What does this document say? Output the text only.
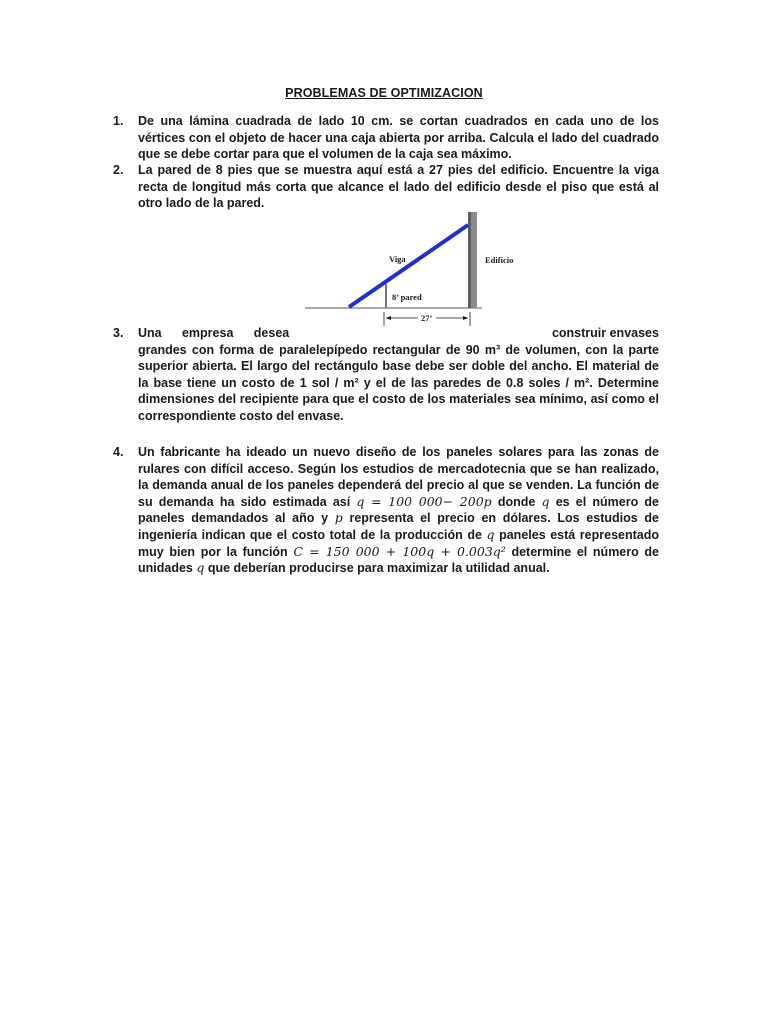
PROBLEMAS DE OPTIMIZACION
1. De una lámina cuadrada de lado 10 cm. se cortan cuadrados en cada uno de los vértices con el objeto de hacer una caja abierta por arriba. Calcula el lado del cuadrado que se debe cortar para que el volumen de la caja sea máximo.
2. La pared de 8 pies que se muestra aquí está a 27 pies del edificio. Encuentre la viga recta de longitud más corta que alcance el lado del edificio desde el piso que está al otro lado de la pared.
Viga	Edificio
8’ pared
27’
3. Una empresa desea	construir envases
grandes con forma de paralelepípedo rectangular de 90 m³ de volumen, con la parte superior abierta. El largo del rectángulo base debe ser doble del ancho. El material de la base tiene un costo de 1 sol / m² y el de las paredes de 0.8 soles / m². Determine dimensiones del recipiente para que el costo de los materiales sea mínimo, así como el correspondiente costo del envase.
4. Un fabricante ha ideado un nuevo diseño de los paneles solares para las zonas de rulares con difícil acceso. Según los estudios de mercadotecnia que se han realizado, la demanda anual de los paneles dependerá del precio al que se venden. La función de su demanda ha sido estimada así q = 100 000− 200p donde q es el número de paneles demandados al año y p representa el precio en dólares. Los estudios de ingeniería indican que el costo total de la producción de q paneles está representado muy bien por la función C = 150 000 + 100q + 0.003q² determine el número de unidades q que deberían producirse para maximizar la utilidad anual.
